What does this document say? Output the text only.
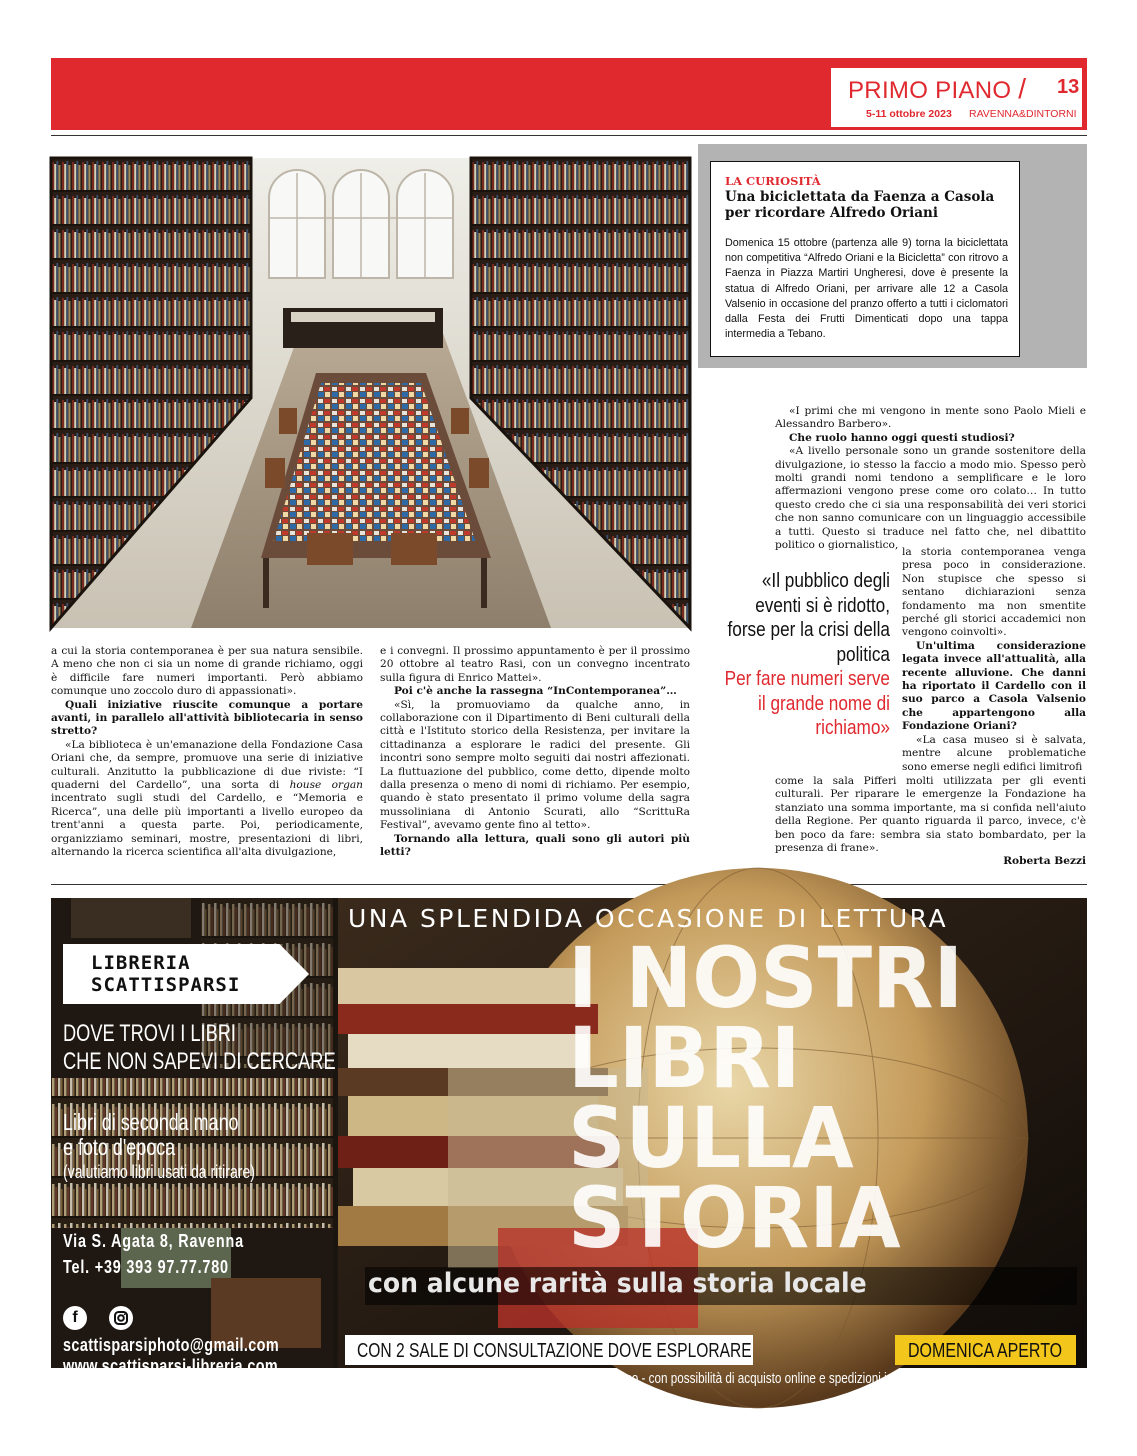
PRIMO PIANO / 13
5-11 ottobre 2023 RAVENNA&DINTORNI
LA CURIOSITÀ
Una biciclettata da Faenza a Casola per ricordare Alfredo Oriani
Domenica 15 ottobre (partenza alle 9) torna la biciclettata non competitiva “Alfredo Oriani e la Bicicletta” con ritrovo a Faenza in Piazza Martiri Ungheresi, dove è presente la statua di Alfredo Oriani, per arrivare alle 12 a Casola Valsenio in occasione del pranzo offerto a tutti i ciclomatori dalla Festa dei Frutti Dimenticati dopo una tappa intermedia a Tebano.

a cui la storia contemporanea è per sua natura sensibile. A meno che non ci sia un nome di grande richiamo, oggi è difficile fare numeri importanti. Però abbiamo comunque uno zoccolo duro di appassionati».

Quali iniziative riuscite comunque a portare avanti, in parallelo all'attività bibliotecaria in senso stretto?

«La biblioteca è un'emanazione della Fondazione Casa Oriani che, da sempre, promuove una serie di iniziative culturali. Anzitutto la pubblicazione di due riviste: “I quaderni del Cardello”, una sorta di house organ incentrato sugli studi del Cardello, e “Memoria e Ricerca”, una delle più importanti a livello europeo da trent'anni a questa parte. Poi, periodicamente, organizziamo seminari, mostre, presentazioni di libri, alternando la ricerca scientifica all'alta divulgazione,

e i convegni. Il prossimo appuntamento è per il prossimo 20 ottobre al teatro Rasi, con un convegno incentrato sulla figura di Enrico Mattei».

Poi c'è anche la rassegna “InContemporanea”…

«Sì, la promuoviamo da qualche anno, in collaborazione con il Dipartimento di Beni culturali della città e l'Istituto storico della Resistenza, per invitare la cittadinanza a esplorare le radici del presente. Gli incontri sono sempre molto seguiti dai nostri affezionati. La fluttuazione del pubblico, come detto, dipende molto dalla presenza o meno di nomi di richiamo. Per esempio, quando è stato presentato il primo volume della sagra mussoliniana di Antonio Scurati, allo “ScrittuRa Festival”, avevamo gente fino al tetto».

Tornando alla lettura, quali sono gli autori più letti?

«I primi che mi vengono in mente sono Paolo Mieli e Alessandro Barbero».

Che ruolo hanno oggi questi studiosi?

«A livello personale sono un grande sostenitore della divulgazione, io stesso la faccio a modo mio. Spesso però molti grandi nomi tendono a semplificare e le loro affermazioni vengono prese come oro colato… In tutto questo credo che ci sia una responsabilità dei veri storici che non sanno comunicare con un linguaggio accessibile a tutti. Questo si traduce nel fatto che, nel dibattito politico o giornalistico,

la storia contemporanea venga presa poco in considerazione. Non stupisce che spesso si sentano dichiarazioni senza fondamento ma non smentite perché gli storici accademici non vengono coinvolti».

Un'ultima considerazione legata invece all'attualità, alla recente alluvione. Che danni ha riportato il Cardello con il suo parco a Casola Valsenio che appartengono alla Fondazione Oriani?

«La casa museo si è salvata, mentre alcune problematiche sono emerse negli edifici limitrofi

come la sala Pifferi molti utilizzata per gli eventi culturali. Per riparare le emergenze la Fondazione ha stanziato una somma importante, ma si confida nell'aiuto della Regione. Per quanto riguarda il parco, invece, c'è ben poco da fare: sembra sia stato bombardato, per la presenza di frane».

Roberta Bezzi

«Il pubblico degli eventi si è ridotto, forse per la crisi della politica
Per fare numeri serve il grande nome di richiamo»
LIBRERIA
SCATTISPARSI
DOVE TROVI I LIBRI
CHE NON SAPEVI DI CERCARE
Libri di seconda mano
e foto d'epoca
(valutiamo libri usati da ritirare)
Via S. Agata 8, Ravenna
Tel. +39 393 97.77.780
f
scattisparsiphoto@gmail.com
www.scattisparsi-libreria.com
UNA SPLENDIDA OCCASIONE DI LETTURA
I NOSTRI
LIBRI
SULLA
STORIA
con alcune rarità sulla storia locale
CON 2 SALE DI CONSULTAZIONE DOVE ESPLORARE	DOMENICA APERTO
Tutti i giorni 09.30-13.00/15.30-20.00 - Mercoledì chiuso - con possibilità di acquisto online e spedizioni in tutta Italia
